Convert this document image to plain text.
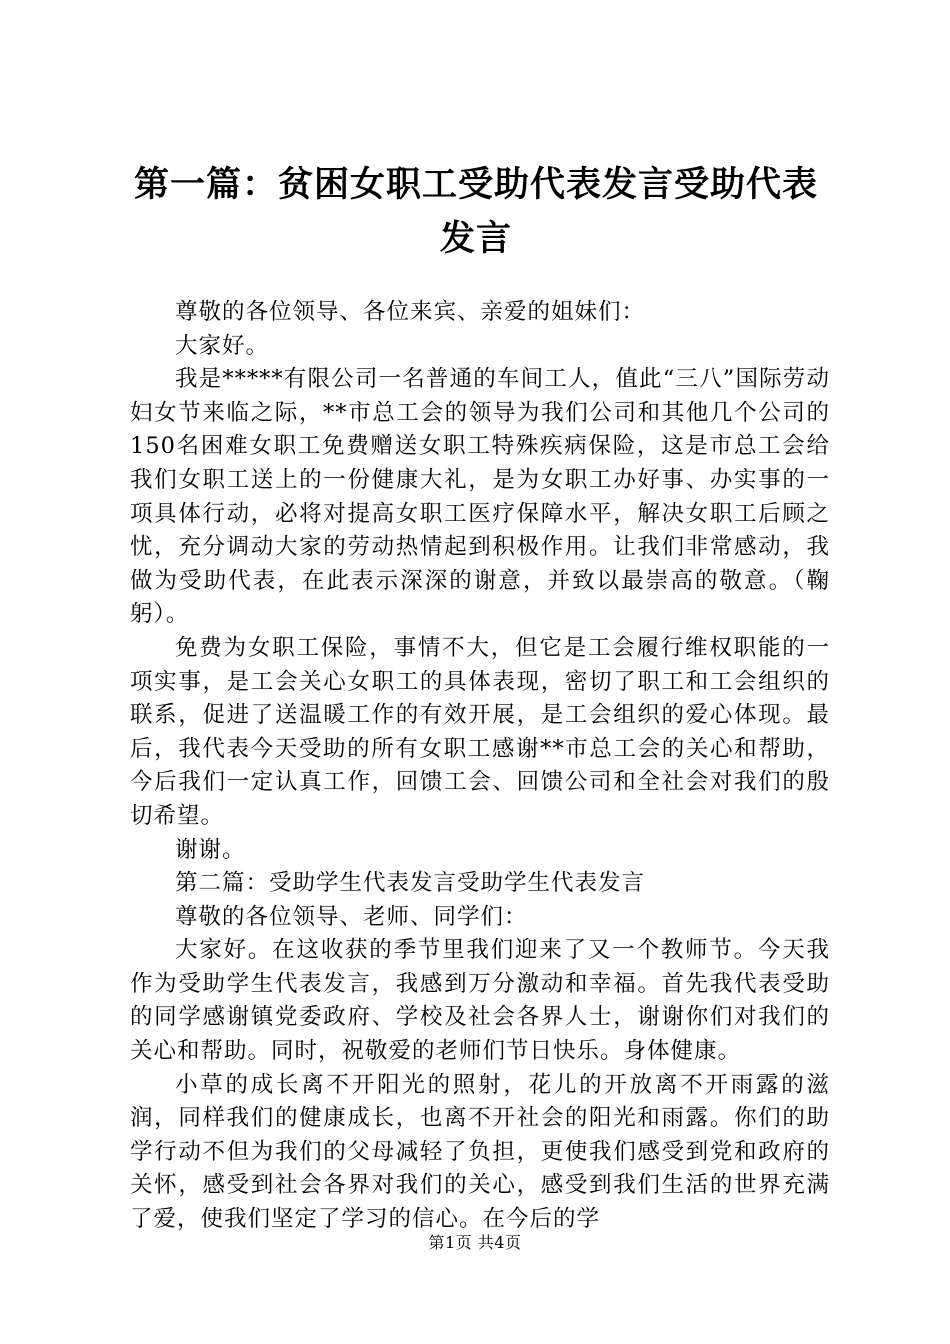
第一篇：贫困女职工受助代表发言受助代表发言

尊敬的各位领导、各位来宾、亲爱的姐妹们：

大家好。

我是*****有限公司一名普通的车间工人，值此“三八”国际劳动妇女节来临之际，**市总工会的领导为我们公司和其他几个公司的150名困难女职工免费赠送女职工特殊疾病保险，这是市总工会给我们女职工送上的一份健康大礼，是为女职工办好事、办实事的一项具体行动，必将对提高女职工医疗保障水平，解决女职工后顾之忧，充分调动大家的劳动热情起到积极作用。让我们非常感动，我做为受助代表，在此表示深深的谢意，并致以最崇高的敬意。（鞠躬）。

免费为女职工保险，事情不大，但它是工会履行维权职能的一项实事，是工会关心女职工的具体表现，密切了职工和工会组织的联系，促进了送温暖工作的有效开展，是工会组织的爱心体现。最后，我代表今天受助的所有女职工感谢**市总工会的关心和帮助，今后我们一定认真工作，回馈工会、回馈公司和全社会对我们的殷切希望。

谢谢。

第二篇：受助学生代表发言受助学生代表发言

尊敬的各位领导、老师、同学们：

大家好。在这收获的季节里我们迎来了又一个教师节。今天我作为受助学生代表发言，我感到万分激动和幸福。首先我代表受助的同学感谢镇党委政府、学校及社会各界人士，谢谢你们对我们的关心和帮助。同时，祝敬爱的老师们节日快乐。身体健康。

小草的成长离不开阳光的照射，花儿的开放离不开雨露的滋润，同样我们的健康成长，也离不开社会的阳光和雨露。你们的助学行动不但为我们的父母减轻了负担，更使我们感受到党和政府的关怀，感受到社会各界对我们的关心，感受到我们生活的世界充满了爱，使我们坚定了学习的信心。在今后的学

第1页 共4页
